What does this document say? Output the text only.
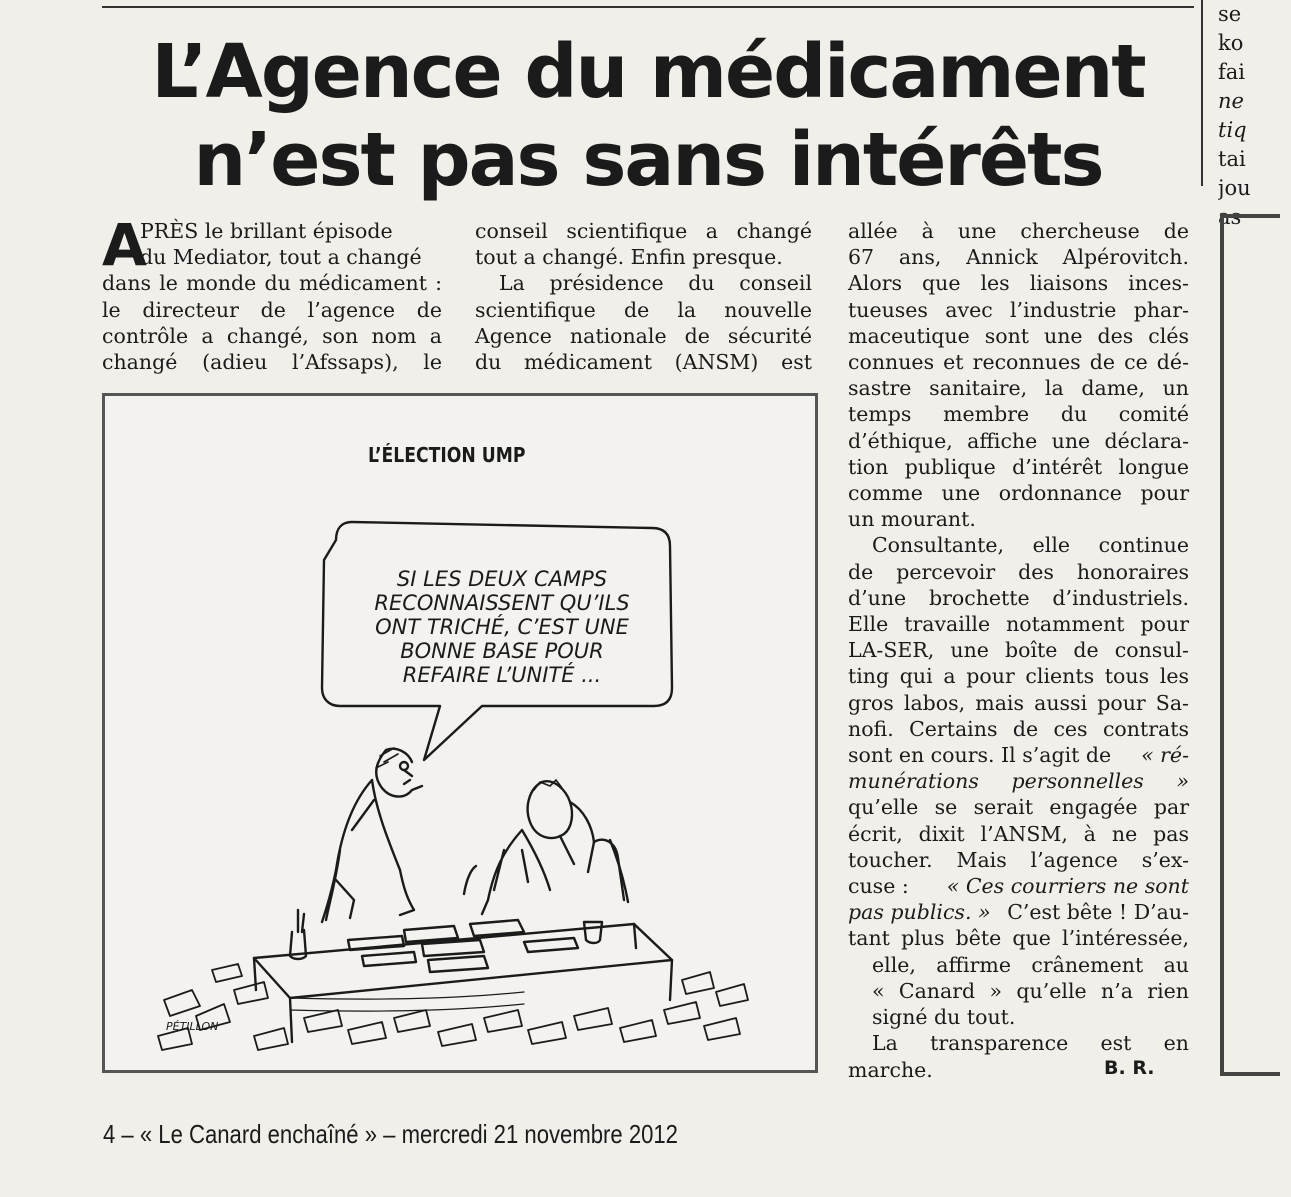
se
ko
fai
ne
tiq
tai
jou
as
L’Agence du médicament
n’est pas sans intérêts
A
PRÈS le brillant épisode
du Mediator, tout a changé
dans le monde du médicament :
le directeur de l’agence de
contrôle a changé, son nom a
changé (adieu l’Afssaps), le
conseil scientifique a changé
tout a changé. Enfin presque.
La présidence du conseil
scientifique de la nouvelle
Agence nationale de sécurité
du médicament (ANSM) est
allée à une chercheuse de
67 ans, Annick Alpérovitch.
Alors que les liaisons inces-
tueuses avec l’industrie phar-
maceutique sont une des clés
connues et reconnues de ce dé-
sastre sanitaire, la dame, un
temps membre du comité
d’éthique, affiche une déclara-
tion publique d’intérêt longue
comme une ordonnance pour
un mourant.
Consultante, elle continue
de percevoir des honoraires
d’une brochette d’industriels.
Elle travaille notamment pour
LA-SER, une boîte de consul-
ting qui a pour clients tous les
gros labos, mais aussi pour Sa-
nofi. Certains de ces contrats
sont en cours. Il s’agit de « ré-
munérations personnelles »
qu’elle se serait engagée par
écrit, dixit l’ANSM, à ne pas
toucher. Mais l’agence s’ex-
cuse : « Ces courriers ne sont
pas publics. » C’est bête ! D’au-
tant plus bête que l’intéressée,
elle, affirme crânement au
« Canard » qu’elle n’a rien
signé du tout.
La transparence est en
marche.	B. R.
L’ÉLECTION UMP
SI LES DEUX CAMPS
RECONNAISSENT QU’ILS
ONT TRICHÉ, C’EST UNE
BONNE BASE POUR
REFAIRE L’UNITÉ ...
PÉTILLON
4 – « Le Canard enchaîné » – mercredi 21 novembre 2012
